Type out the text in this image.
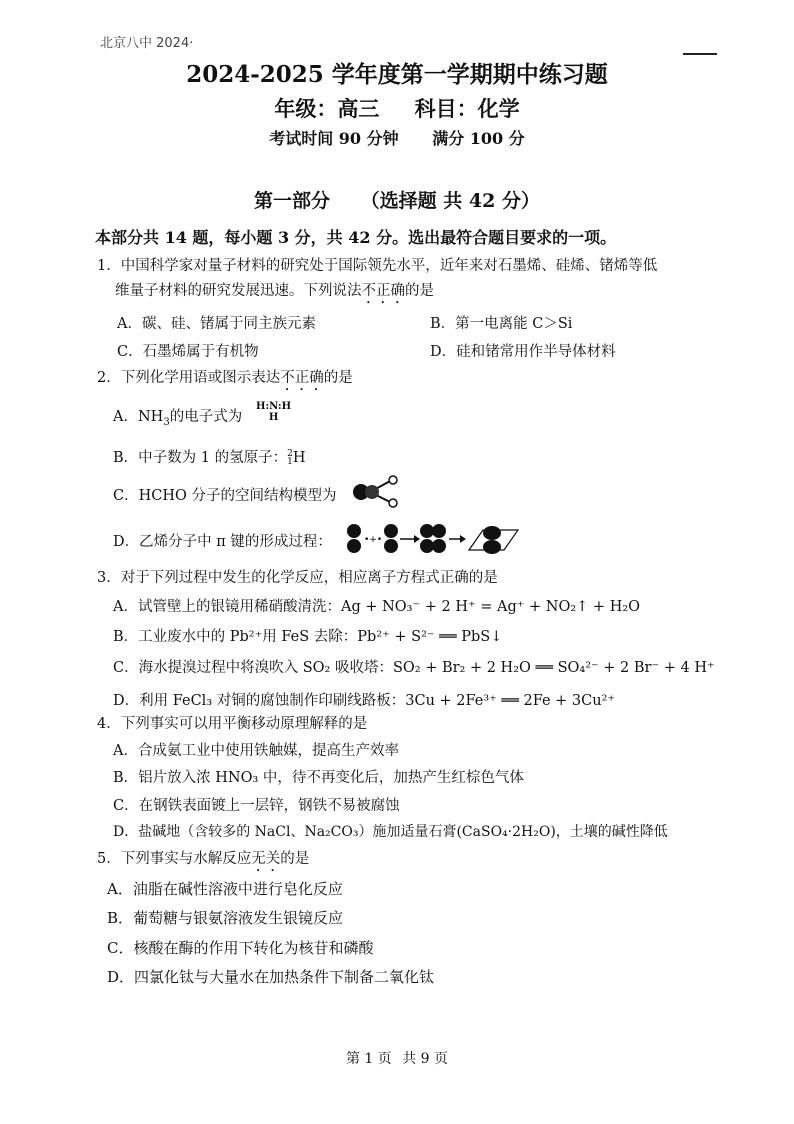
北京八中 2024·
2024-2025 学年度第一学期期中练习题
年级：高三 科目：化学
考试时间 90 分钟 满分 100 分
第一部分 （选择题 共 42 分）
本部分共 14 题，每小题 3 分，共 42 分。选出最符合题目要求的一项。
1．中国科学家对量子材料的研究处于国际领先水平，近年来对石墨烯、硅烯、锗烯等低
维量子材料的研究发展迅速。下列说法不正确的是
A．碳、硅、锗属于同主族元素	B．第一电离能 C＞Si
C．石墨烯属于有机物	D．硅和锗常用作半导体材料
2．下列化学用语或图示表达不正确的是
A．$NH_3$的电子式为
H:N:H
H
B．中子数为 1 的氢原子： 2
1 H
C．HCHO 分子的空间结构模型为
D．乙烯分子中 π 键的形成过程：	•+•
3．对于下列过程中发生的化学反应，相应离子方程式正确的是
A．试管壁上的银镜用稀硝酸清洗：Ag + NO₃⁻ + 2 H⁺ = Ag⁺ + NO₂↑ + H₂O
B．工业废水中的 Pb²⁺用 FeS 去除：Pb²⁺ + S²⁻ ══ PbS↓
C．海水提溴过程中将溴吹入 SO₂ 吸收塔：SO₂ + Br₂ + 2 H₂O ══ SO₄²⁻ + 2 Br⁻ + 4 H⁺
D．利用 FeCl₃ 对铜的腐蚀制作印刷线路板：3Cu + 2Fe³⁺ ══ 2Fe + 3Cu²⁺
4．下列事实可以用平衡移动原理解释的是
A．合成氨工业中使用铁触媒，提高生产效率
B．铝片放入浓 HNO₃ 中，待不再变化后，加热产生红棕色气体
C．在钢铁表面镀上一层锌，钢铁不易被腐蚀
D．盐碱地（含较多的 NaCl、Na₂CO₃）施加适量石膏(CaSO₄·2H₂O)，土壤的碱性降低
5．下列事实与水解反应无关的是
A．油脂在碱性溶液中进行皂化反应
B．葡萄糖与银氨溶液发生银镜反应
C．核酸在酶的作用下转化为核苷和磷酸
D．四氯化钛与大量水在加热条件下制备二氧化钛
第 1 页 共 9 页
